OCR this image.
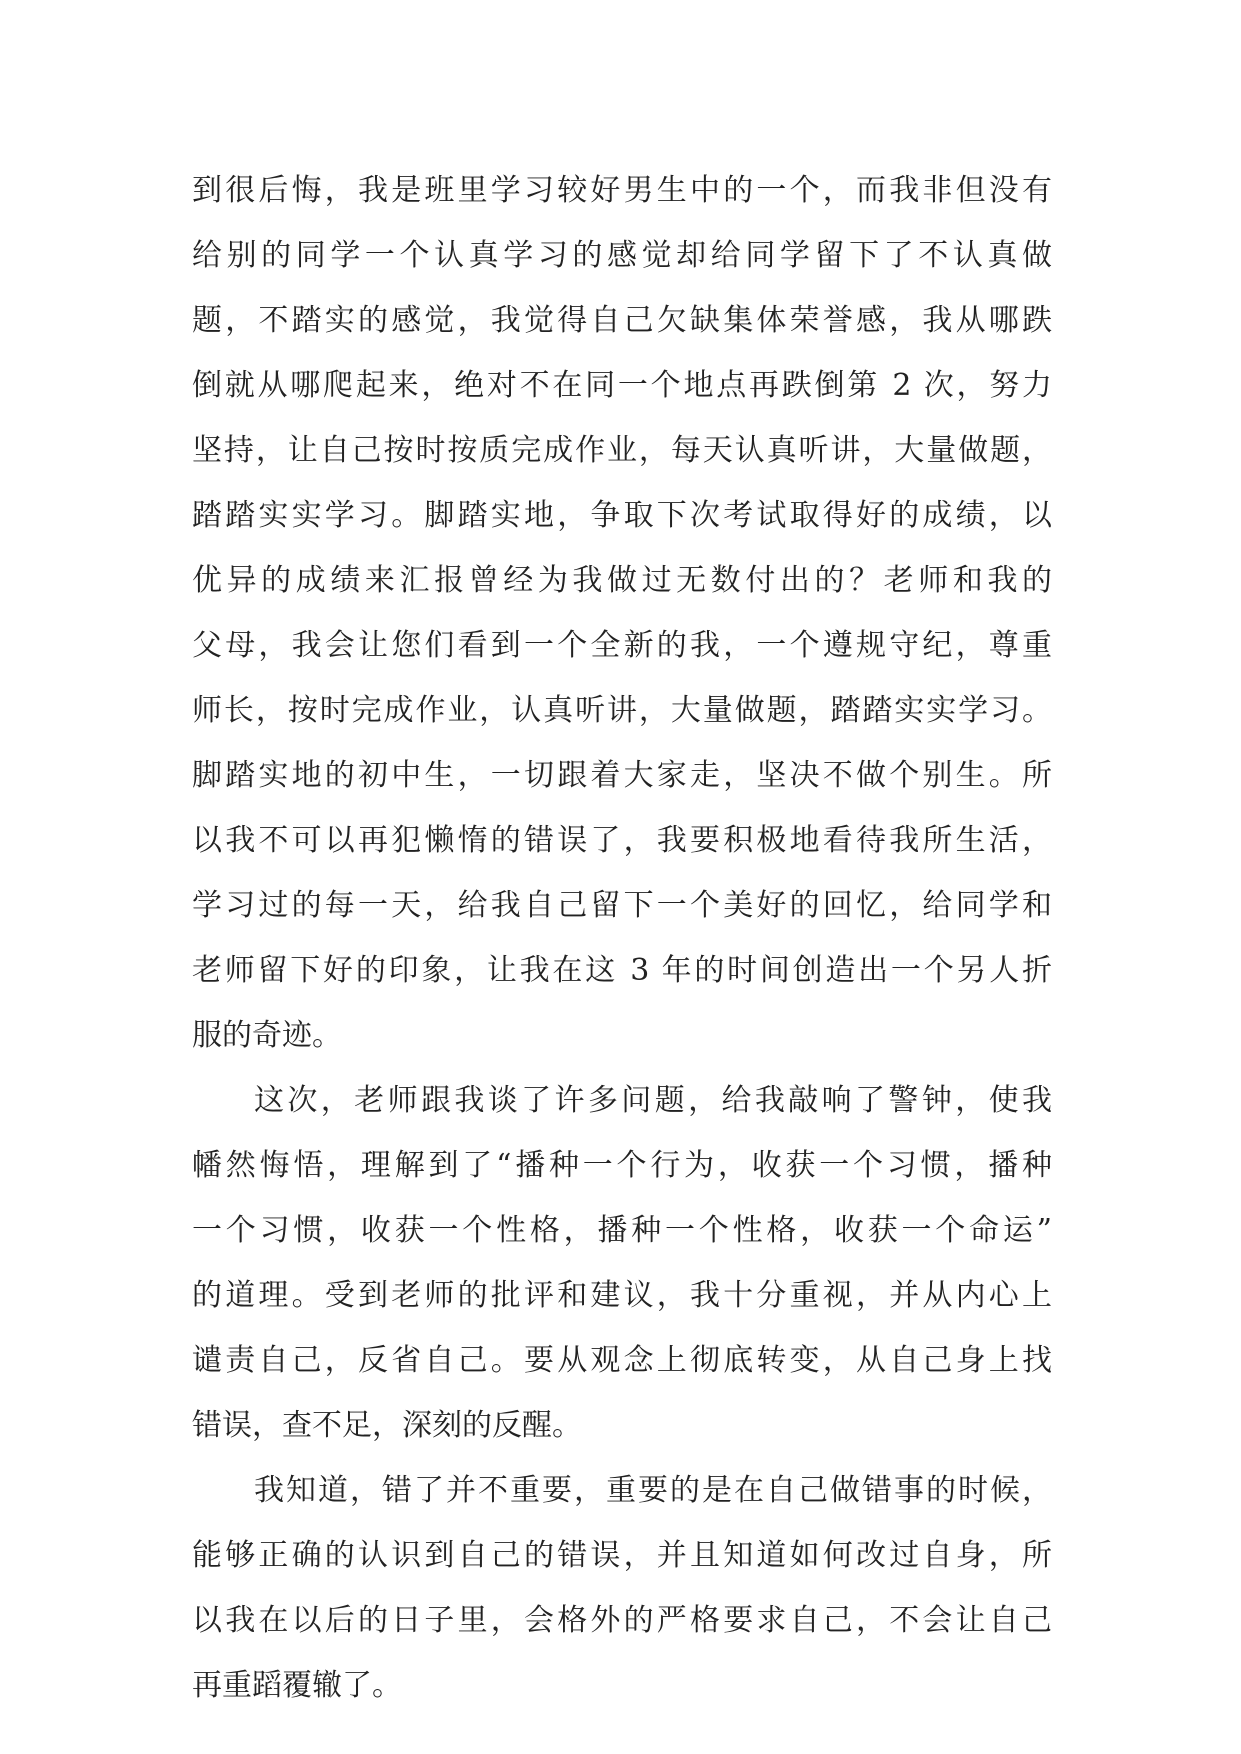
到很后悔，我是班里学习较好男生中的一个，而我非但没有
给别的同学一个认真学习的感觉却给同学留下了不认真做
题，不踏实的感觉，我觉得自己欠缺集体荣誉感，我从哪跌
倒就从哪爬起来，绝对不在同一个地点再跌倒第 2 次，努力
坚持，让自己按时按质完成作业，每天认真听讲，大量做题，
踏踏实实学习。脚踏实地，争取下次考试取得好的成绩，以
优异的成绩来汇报曾经为我做过无数付出的？老师和我的
父母，我会让您们看到一个全新的我，一个遵规守纪，尊重
师长，按时完成作业，认真听讲，大量做题，踏踏实实学习。
脚踏实地的初中生，一切跟着大家走，坚决不做个别生。所
以我不可以再犯懒惰的错误了，我要积极地看待我所生活，
学习过的每一天，给我自己留下一个美好的回忆，给同学和
老师留下好的印象，让我在这 3 年的时间创造出一个另人折
服的奇迹。
这次，老师跟我谈了许多问题，给我敲响了警钟，使我
幡然悔悟，理解到了“播种一个行为，收获一个习惯，播种
一个习惯，收获一个性格，播种一个性格，收获一个命运”
的道理。受到老师的批评和建议，我十分重视，并从内心上
谴责自己，反省自己。要从观念上彻底转变，从自己身上找
错误，查不足，深刻的反醒。
我知道，错了并不重要，重要的是在自己做错事的时候，
能够正确的认识到自己的错误，并且知道如何改过自身，所
以我在以后的日子里，会格外的严格要求自己，不会让自己
再重蹈覆辙了。
